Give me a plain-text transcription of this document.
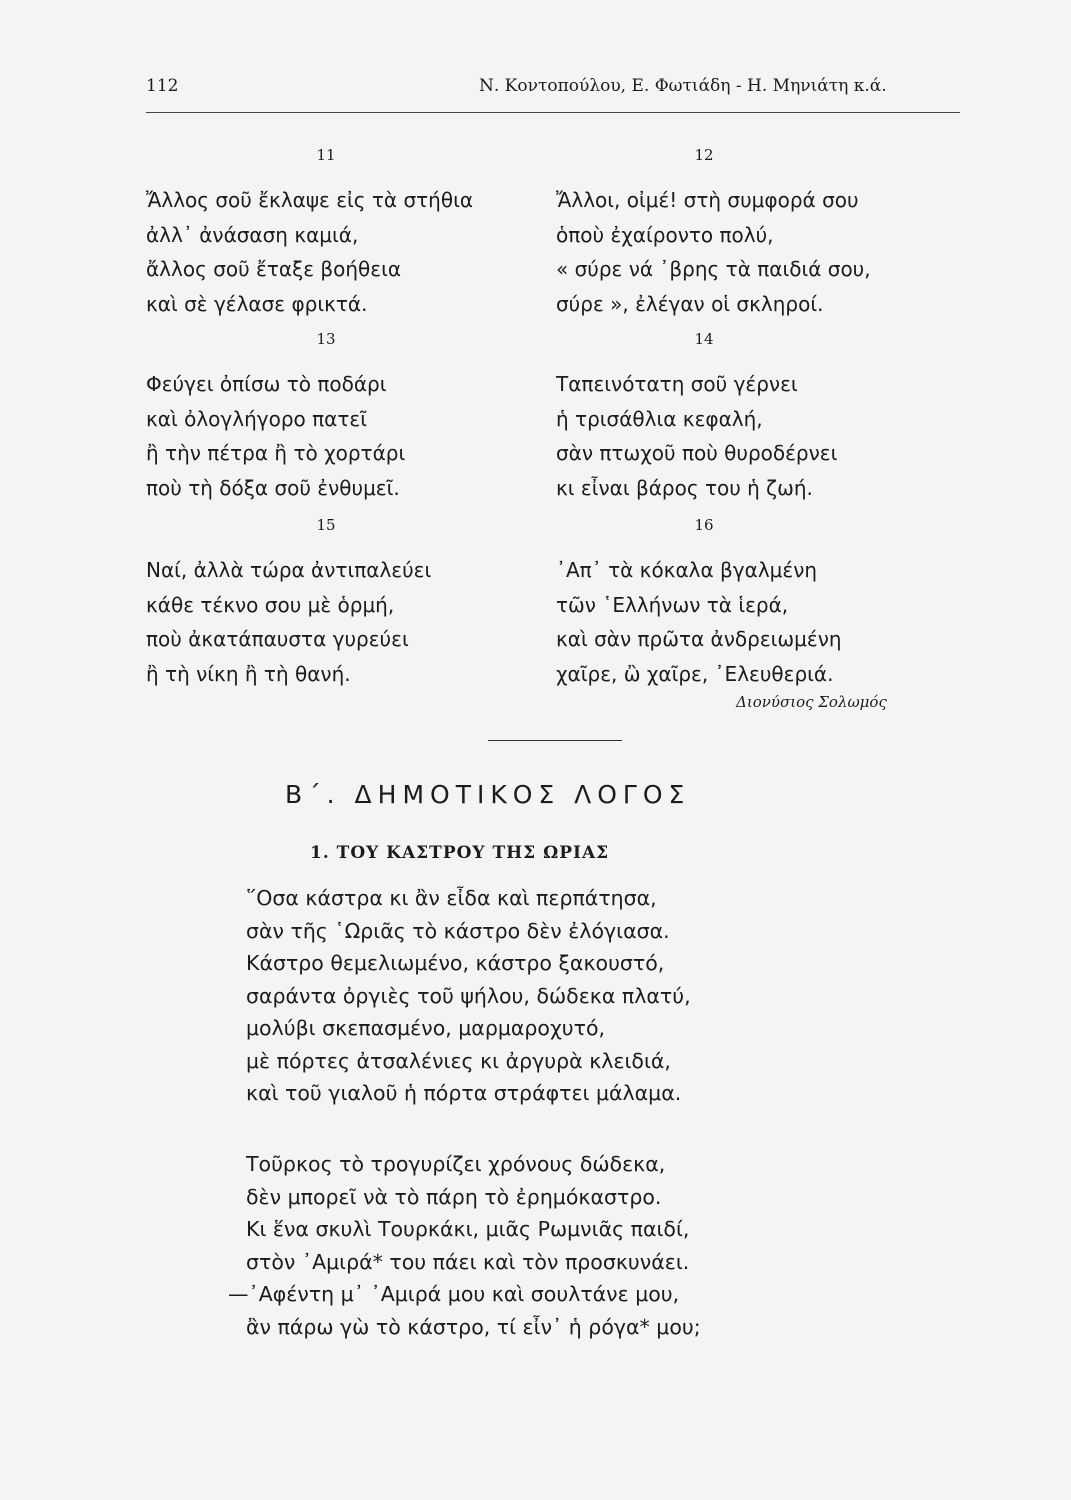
112	Ν. Κοντοπούλου, Ε. Φωτιάδη - Η. Μηνιάτη κ.ά.
11
Ἄλλος σοῦ ἔκλαψε εἰς τὰ στήθια
ἀλλ᾽ ἀνάσαση καμιά,
ἄλλος σοῦ ἔταξε βοήθεια
καὶ σὲ γέλασε φρικτά.
12
Ἄλλοι, οἰμέ! στὴ συμφορά σου
ὁποὺ ἐχαίροντο πολύ,
« σύρε νά ᾽βρης τὰ παιδιά σου,
σύρε », ἐλέγαν οἱ σκληροί.
13
Φεύγει ὀπίσω τὸ ποδάρι
καὶ ὀλογλήγορο πατεῖ
ἢ τὴν πέτρα ἢ τὸ χορτάρι
ποὺ τὴ δόξα σοῦ ἐνθυμεῖ.
14
Ταπεινότατη σοῦ γέρνει
ἡ τρισάθλια κεφαλή,
σὰν πτωχοῦ ποὺ θυροδέρνει
κι εἶναι βάρος του ἡ ζωή.
15
Ναί, ἀλλὰ τώρα ἀντιπαλεύει
κάθε τέκνο σου μὲ ὁρμή,
ποὺ ἀκατάπαυστα γυρεύει
ἢ τὴ νίκη ἢ τὴ θανή.
16
᾽Απ᾽ τὰ κόκαλα βγαλμένη
τῶν ῾Ελλήνων τὰ ἱερά,
καὶ σὰν πρῶτα ἀνδρειωμένη
χαῖρε, ὢ χαῖρε, ᾽Ελευθεριά.
Διονύσιος Σολωμός
Β΄. ΔΗΜΟΤΙΚΟΣ ΛΟΓΟΣ
1. ΤΟΥ ΚΑΣΤΡΟΥ ΤΗΣ ΩΡΙΑΣ
῞Οσα κάστρα κι ἂν εἶδα καὶ περπάτησα,
σὰν τῆς ῾Ωριᾶς τὸ κάστρο δὲν ἐλόγιασα.
Κάστρο θεμελιωμένο, κάστρο ξακουστό,
σαράντα ὀργιὲς τοῦ ψήλου, δώδεκα πλατύ,
μολύβι σκεπασμένο, μαρμαροχυτό,
μὲ πόρτες ἀτσαλένιες κι ἀργυρὰ κλειδιά,
καὶ τοῦ γιαλοῦ ἡ πόρτα στράφτει μάλαμα.
Τοῦρκος τὸ τρογυρίζει χρόνους δώδεκα,
δὲν μπορεῖ νὰ τὸ πάρη τὸ ἐρημόκαστρο.
Κι ἕνα σκυλὶ Τουρκάκι, μιᾶς Ρωμνιᾶς παιδί,
στὸν ᾽Αμιρά* του πάει καὶ τὸν προσκυνάει.
—᾽Αφέντη μ᾽ ᾽Αμιρά μου καὶ σουλτάνε μου,
ἂν πάρω γὼ τὸ κάστρο, τί εἶν᾽ ἡ ρόγα* μου;
